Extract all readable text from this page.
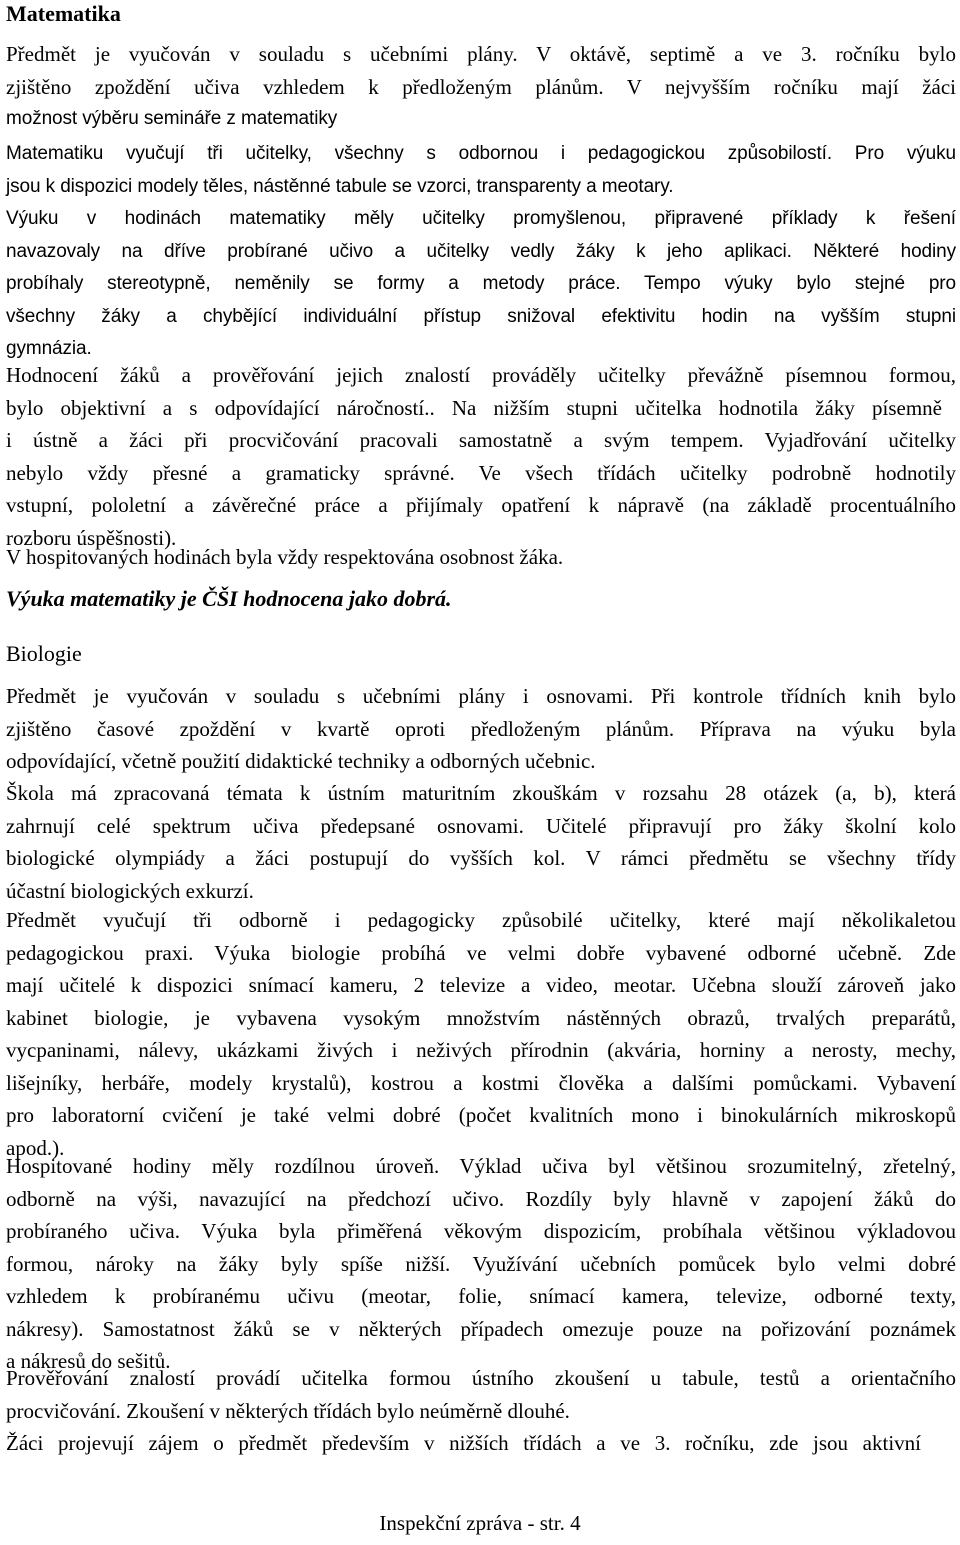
Matematika

Předmět je vyučován v souladu s učebními plány. V oktávě, septimě a ve 3. ročníku bylo

zjištěno zpoždění učiva vzhledem k předloženým plánům. V nejvyšším ročníku mají žáci

možnost výběru semináře z matematiky

Matematiku vyučují tři učitelky, všechny s odbornou i pedagogickou způsobilostí. Pro výuku

jsou k dispozici modely těles, nástěnné tabule se vzorci, transparenty a meotary.

Výuku v hodinách matematiky měly učitelky promyšlenou, připravené příklady k řešení

navazovaly na dříve probírané učivo a učitelky vedly žáky k jeho aplikaci. Některé hodiny

probíhaly stereotypně, neměnily se formy a metody práce. Tempo výuky bylo stejné pro

všechny žáky a chybějící individuální přístup snižoval efektivitu hodin na vyšším stupni

gymnázia.

Hodnocení žáků a prověřování jejich znalostí prováděly učitelky převážně písemnou formou,

bylo objektivní a s odpovídající náročností.. Na nižším stupni učitelka hodnotila žáky písemně

i ústně a žáci při procvičování pracovali samostatně a svým tempem. Vyjadřování učitelky

nebylo vždy přesné a gramaticky správné. Ve všech třídách učitelky podrobně hodnotily

vstupní, pololetní a závěrečné práce a přijímaly opatření k nápravě (na základě procentuálního

rozboru úspěšnosti).

V hospitovaných hodinách byla vždy respektována osobnost žáka.

Výuka matematiky je ČŠI hodnocena jako dobrá.
Biologie

Předmět je vyučován v souladu s učebními plány i osnovami. Při kontrole třídních knih bylo

zjištěno časové zpoždění v kvartě oproti předloženým plánům. Příprava na výuku byla

odpovídající, včetně použití didaktické techniky a odborných učebnic.

Škola má zpracovaná témata k ústním maturitním zkouškám v rozsahu 28 otázek (a, b), která

zahrnují celé spektrum učiva předepsané osnovami. Učitelé připravují pro žáky školní kolo

biologické olympiády a žáci postupují do vyšších kol. V rámci předmětu se všechny třídy

účastní biologických exkurzí.

Předmět vyučují tři odborně i pedagogicky způsobilé učitelky, které mají několikaletou

pedagogickou praxi. Výuka biologie probíhá ve velmi dobře vybavené odborné učebně. Zde

mají učitelé k dispozici snímací kameru, 2 televize a video, meotar. Učebna slouží zároveň jako

kabinet biologie, je vybavena vysokým množstvím nástěnných obrazů, trvalých preparátů,

vycpaninami, nálevy, ukázkami živých i neživých přírodnin (akvária, horniny a nerosty, mechy,

lišejníky, herbáře, modely krystalů), kostrou a kostmi člověka a dalšími pomůckami. Vybavení

pro laboratorní cvičení je také velmi dobré (počet kvalitních mono i binokulárních mikroskopů

apod.).

Hospitované hodiny měly rozdílnou úroveň. Výklad učiva byl většinou srozumitelný, zřetelný,

odborně na výši, navazující na předchozí učivo. Rozdíly byly hlavně v zapojení žáků do

probíraného učiva. Výuka byla přiměřená věkovým dispozicím, probíhala většinou výkladovou

formou, nároky na žáky byly spíše nižší. Využívání učebních pomůcek bylo velmi dobré

vzhledem k probíranému učivu (meotar, folie, snímací kamera, televize, odborné texty,

nákresy). Samostatnost žáků se v některých případech omezuje pouze na pořizování poznámek

a nákresů do sešitů.

Prověřování znalostí provádí učitelka formou ústního zkoušení u tabule, testů a orientačního

procvičování. Zkoušení v některých třídách bylo neúměrně dlouhé.

Žáci projevují zájem o předmět především v nižších třídách a ve 3. ročníku, zde jsou aktivní

Inspekční zpráva - str. 4
